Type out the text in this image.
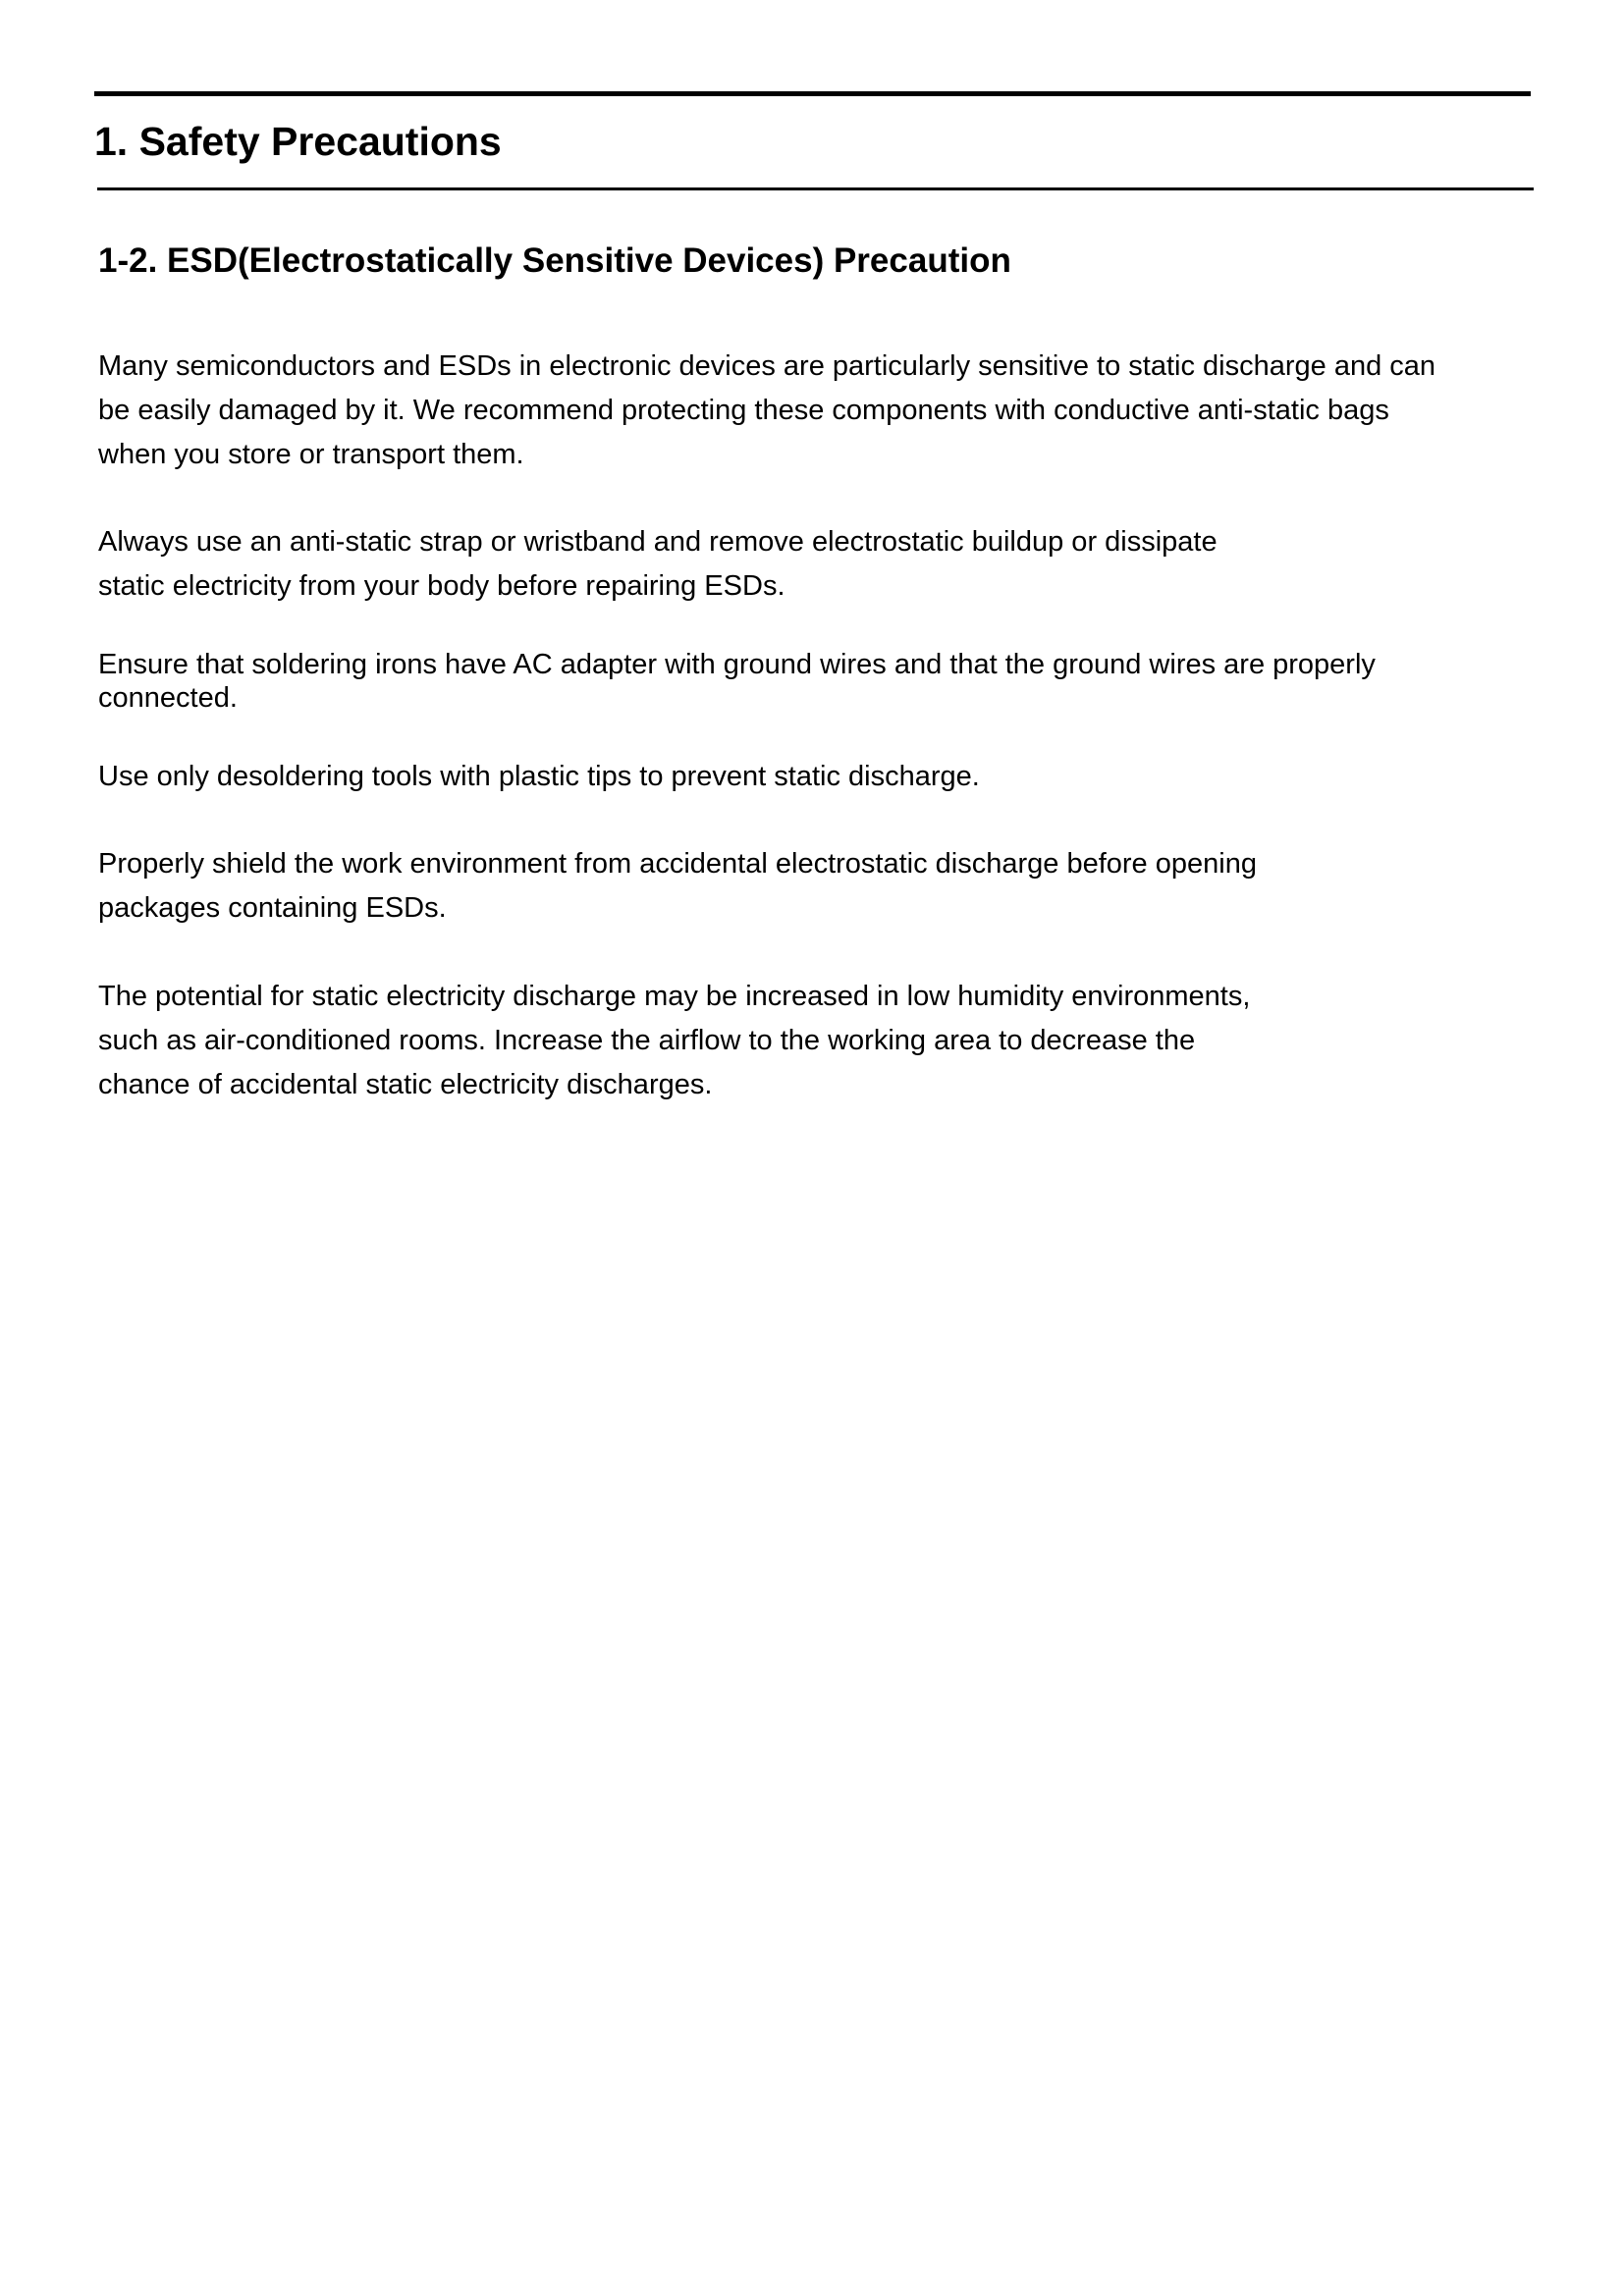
1. Safety Precautions
1-2. ESD(Electrostatically Sensitive Devices) Precaution

Many semiconductors and ESDs in electronic devices are particularly sensitive to static discharge and can
be easily damaged by it. We recommend protecting these components with conductive anti-static bags
when you store or transport them.

Always use an anti-static strap or wristband and remove electrostatic buildup or dissipate
static electricity from your body before repairing ESDs.

Ensure that soldering irons have AC adapter with ground wires and that the ground wires are properly
connected.

Use only desoldering tools with plastic tips to prevent static discharge.

Properly shield the work environment from accidental electrostatic discharge before opening
packages containing ESDs.

The potential for static electricity discharge may be increased in low humidity environments,
such as air-conditioned rooms. Increase the airflow to the working area to decrease the
chance of accidental static electricity discharges.
